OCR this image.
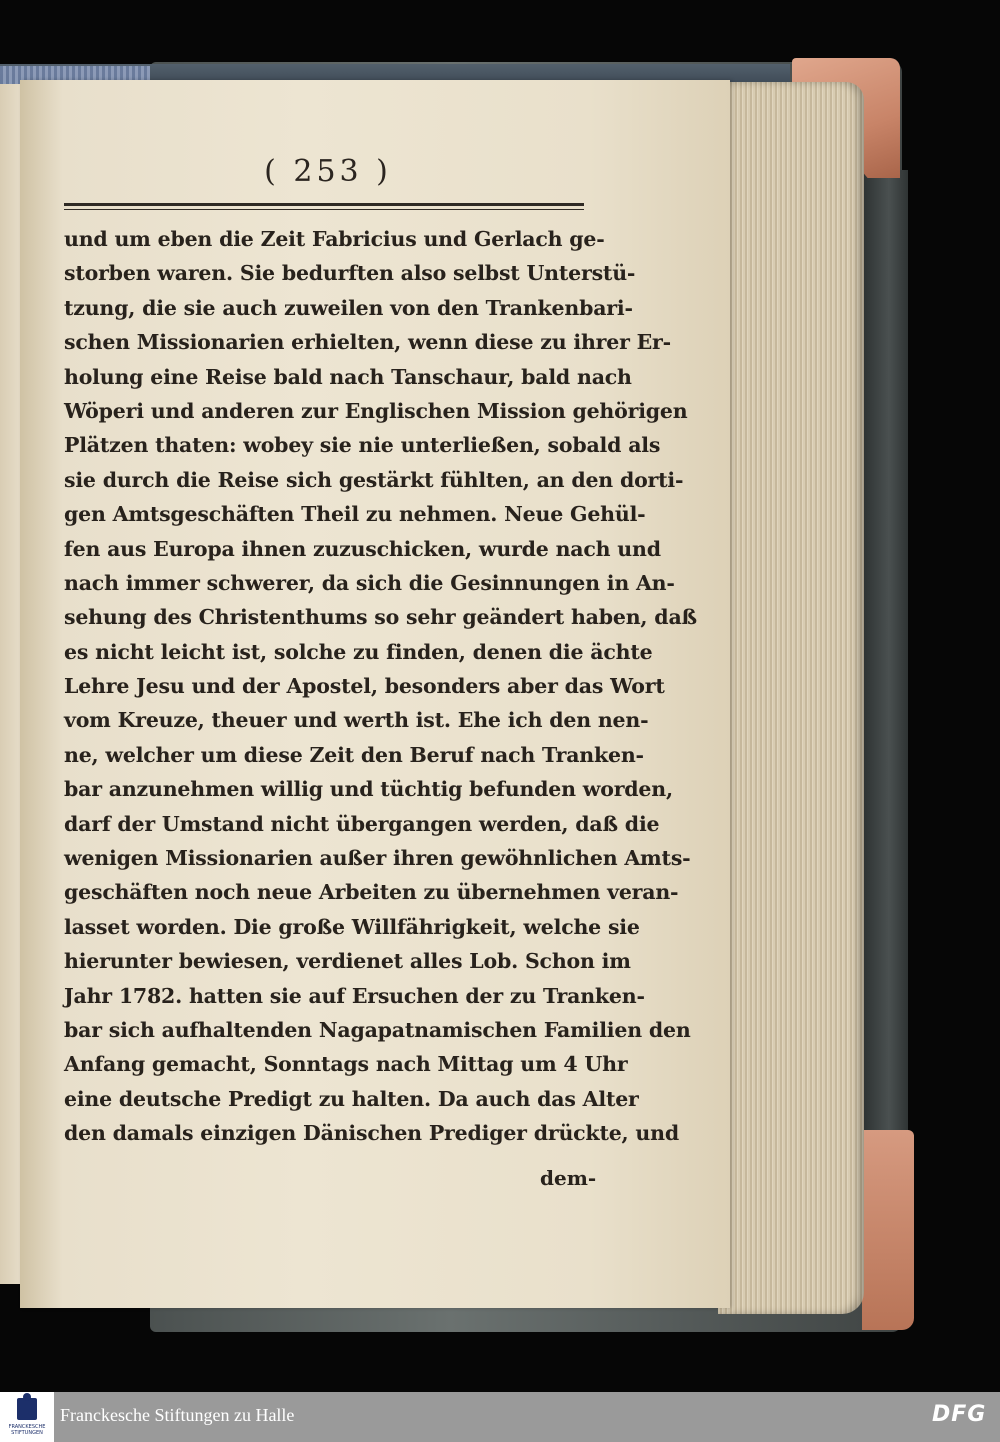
( 253 )
und um eben die Zeit Fabricius und Gerlach ge-
storben waren. Sie bedurften also selbst Unterstü-
tzung, die sie auch zuweilen von den Trankenbari-
schen Missionarien erhielten, wenn diese zu ihrer Er-
holung eine Reise bald nach Tanschaur, bald nach
Wöperi und anderen zur Englischen Mission gehörigen
Plätzen thaten: wobey sie nie unterließen, sobald als
sie durch die Reise sich gestärkt fühlten, an den dorti-
gen Amtsgeschäften Theil zu nehmen. Neue Gehül-
fen aus Europa ihnen zuzuschicken, wurde nach und
nach immer schwerer, da sich die Gesinnungen in An-
sehung des Christenthums so sehr geändert haben, daß
es nicht leicht ist, solche zu finden, denen die ächte
Lehre Jesu und der Apostel, besonders aber das Wort
vom Kreuze, theuer und werth ist. Ehe ich den nen-
ne, welcher um diese Zeit den Beruf nach Tranken-
bar anzunehmen willig und tüchtig befunden worden,
darf der Umstand nicht übergangen werden, daß die
wenigen Missionarien außer ihren gewöhnlichen Amts-
geschäften noch neue Arbeiten zu übernehmen veran-
lasset worden. Die große Willfährigkeit, welche sie
hierunter bewiesen, verdienet alles Lob. Schon im
Jahr 1782. hatten sie auf Ersuchen der zu Tranken-
bar sich aufhaltenden Nagapatnamischen Familien den
Anfang gemacht, Sonntags nach Mittag um 4 Uhr
eine deutsche Predigt zu halten. Da auch das Alter
den damals einzigen Dänischen Prediger drückte, und
dem-
FRANCKESCHE STIFTUNGEN
Franckesche Stiftungen zu Halle	DFG
